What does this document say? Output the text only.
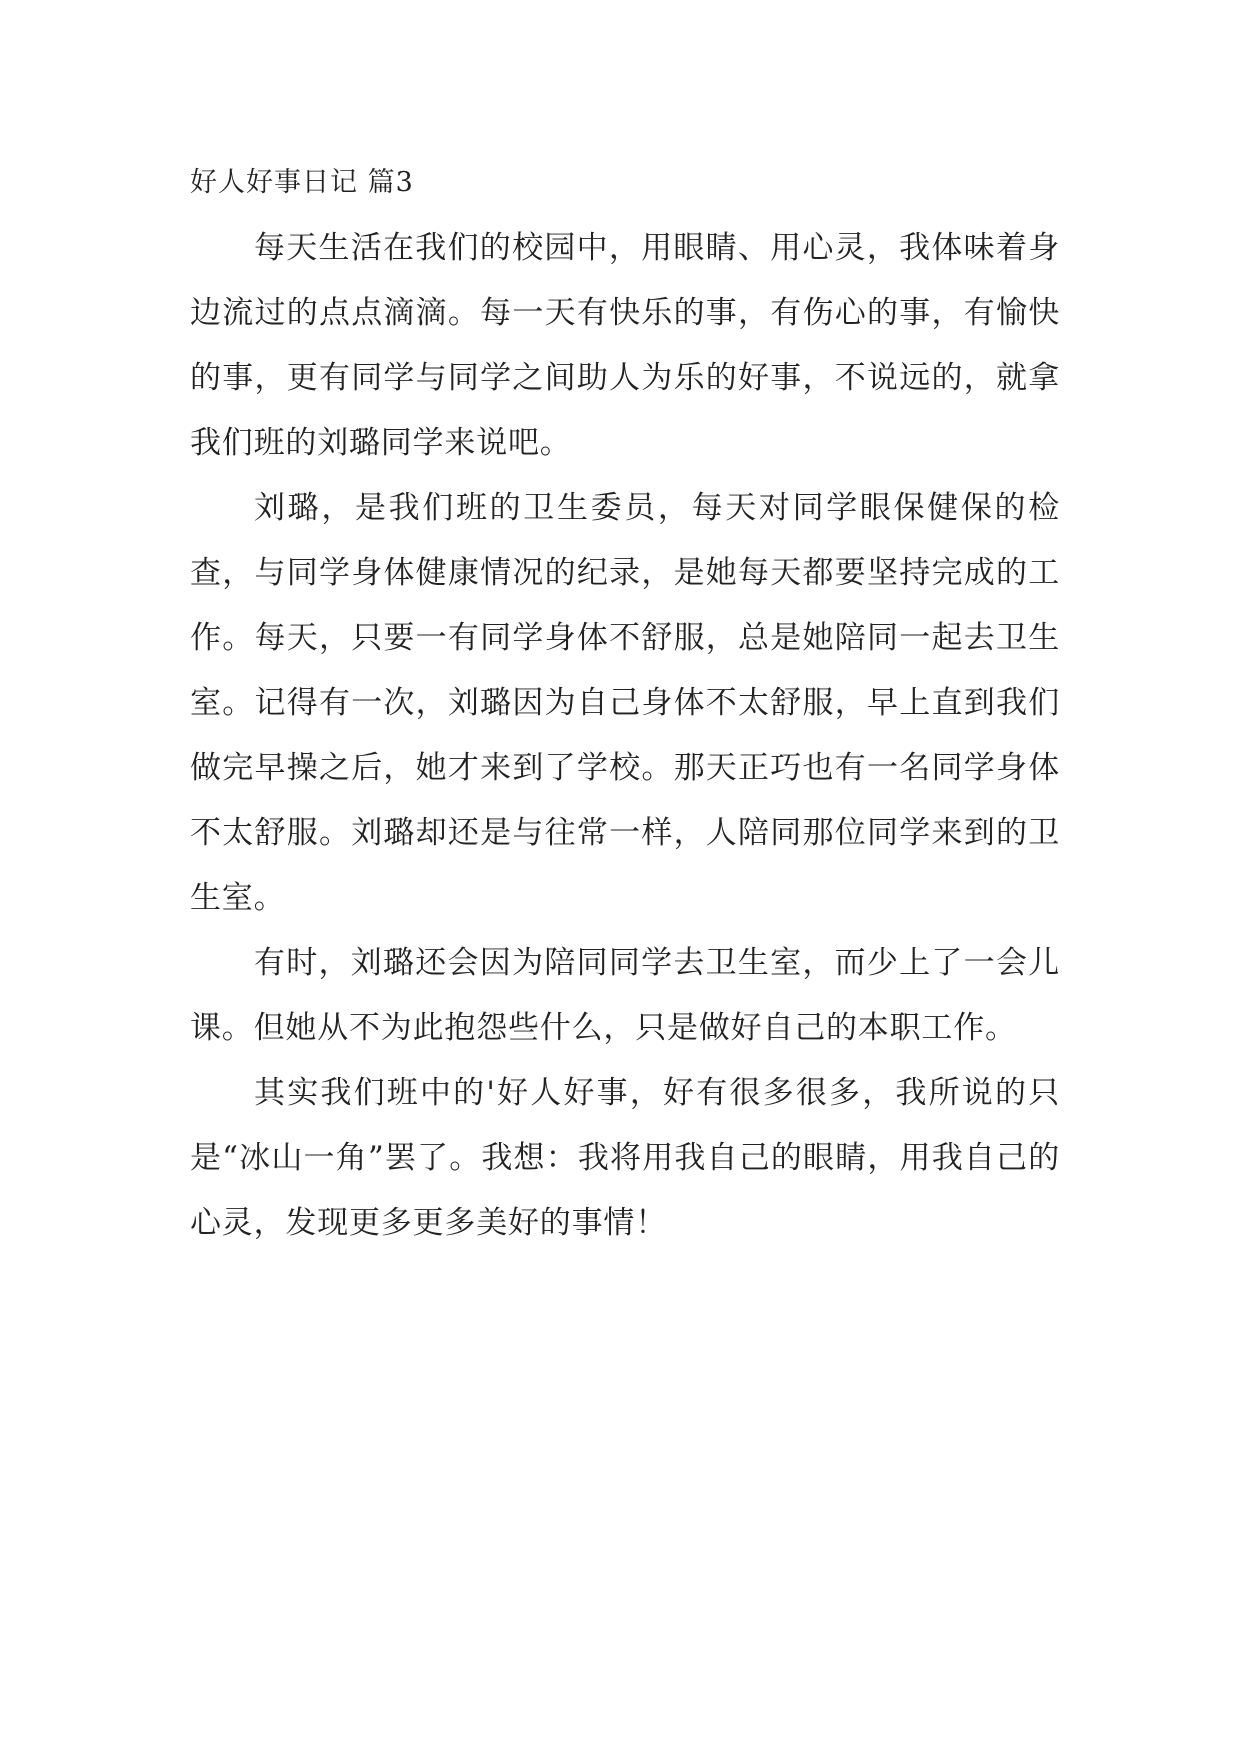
好人好事日记 篇3

每天生活在我们的校园中，用眼睛、用心灵，我体味着身边流过的点点滴滴。每一天有快乐的事，有伤心的事，有愉快的事，更有同学与同学之间助人为乐的好事，不说远的，就拿我们班的刘璐同学来说吧。

刘璐，是我们班的卫生委员，每天对同学眼保健保的检查，与同学身体健康情况的纪录，是她每天都要坚持完成的工作。每天，只要一有同学身体不舒服，总是她陪同一起去卫生室。记得有一次，刘璐因为自己身体不太舒服，早上直到我们做完早操之后，她才来到了学校。那天正巧也有一名同学身体不太舒服。刘璐却还是与往常一样，人陪同那位同学来到的卫生室。

有时，刘璐还会因为陪同同学去卫生室，而少上了一会儿课。但她从不为此抱怨些什么，只是做好自己的本职工作。

其实我们班中的'好人好事，好有很多很多，我所说的只是“冰山一角”罢了。我想：我将用我自己的眼睛，用我自己的心灵，发现更多更多美好的事情！
